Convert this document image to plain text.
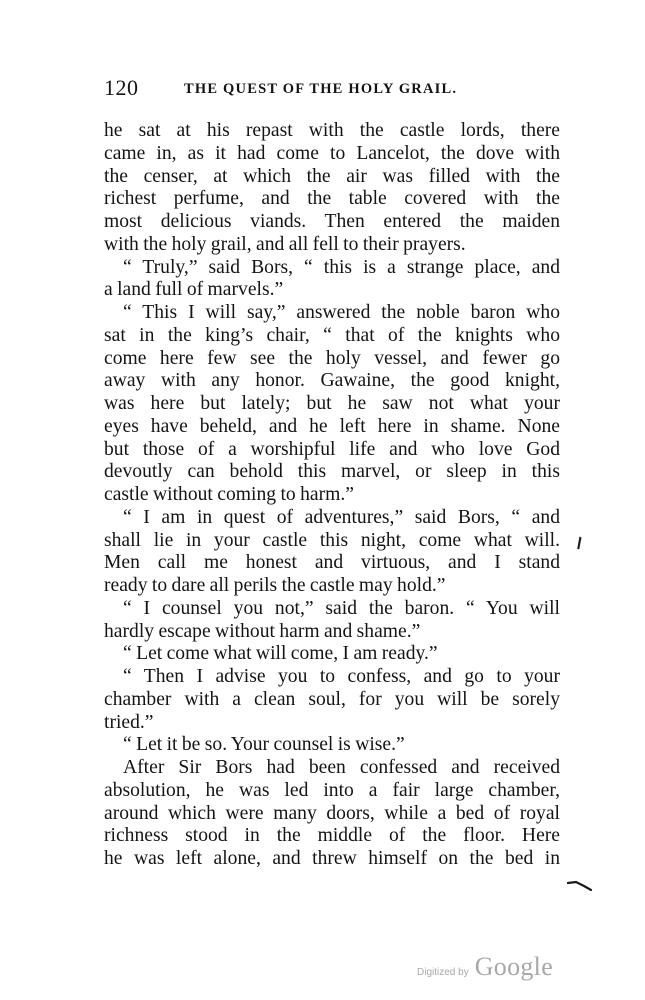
120	THE QUEST OF THE HOLY GRAIL.
he sat at his repast with the castle lords, there
came in, as it had come to Lancelot, the dove with
the censer, at which the air was filled with the
richest perfume, and the table covered with the
most delicious viands. Then entered the maiden
with the holy grail, and all fell to their prayers.
“ Truly,” said Bors, “ this is a strange place, and
a land full of marvels.”
“ This I will say,” answered the noble baron who
sat in the king’s chair, “ that of the knights who
come here few see the holy vessel, and fewer go
away with any honor. Gawaine, the good knight,
was here but lately; but he saw not what your
eyes have beheld, and he left here in shame. None
but those of a worshipful life and who love God
devoutly can behold this marvel, or sleep in this
castle without coming to harm.”
“ I am in quest of adventures,” said Bors, “ and
shall lie in your castle this night, come what will.
Men call me honest and virtuous, and I stand
ready to dare all perils the castle may hold.”
“ I counsel you not,” said the baron. “ You will
hardly escape without harm and shame.”
“ Let come what will come, I am ready.”
“ Then I advise you to confess, and go to your
chamber with a clean soul, for you will be sorely
tried.”
“ Let it be so. Your counsel is wise.”
After Sir Bors had been confessed and received
absolution, he was led into a fair large chamber,
around which were many doors, while a bed of royal
richness stood in the middle of the floor. Here
he was left alone, and threw himself on the bed in
Digitized by Google
